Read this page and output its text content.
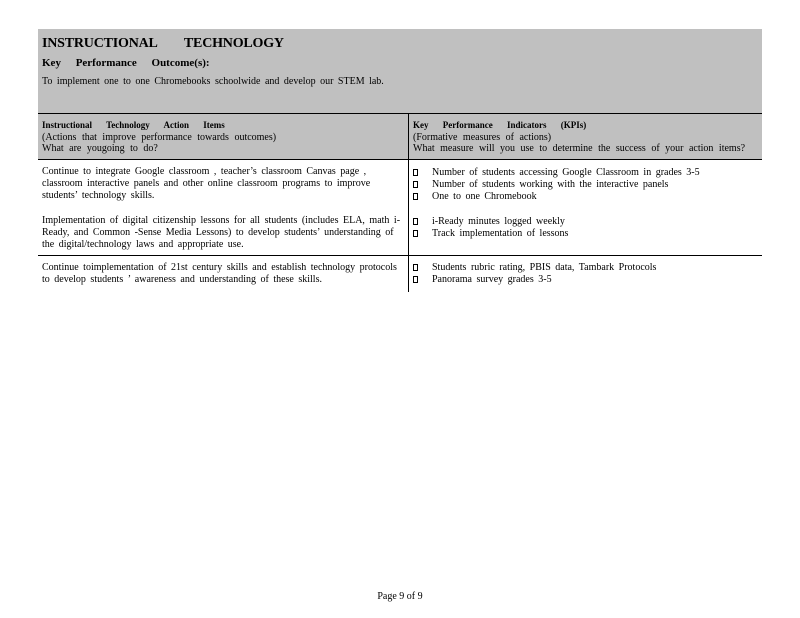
INSTRUCTIONAL TECHNOLOGY
Key Performance Outcome(s):
To implement one to one Chromebooks schoolwide and develop our STEM lab.
Instructional Technology Action Items
(Actions that improve performance towards outcomes)
What are yougoing to do?
Key Performance Indicators (KPIs)
(Formative measures of actions)
What measure will you use to determine the success of your action items?

Continue to integrate Google classroom , teacher’s classroom Canvas page , classroom interactive panels and other online classroom programs to improve students’ technology skills.

Implementation of digital citizenship lessons for all students (includes ELA, math i-Ready, and Common -Sense Media Lessons) to develop students’ understanding of the digital/technology laws and appropriate use.

Number of students accessing Google Classroom in grades 3-5
Number of students working with the interactive panels
One to one Chromebook
i-Ready minutes logged weekly
Track implementation of lessons

Continue toimplementation of 21st century skills and establish technology protocols to develop students ’ awareness and understanding of these skills.

Students rubric rating, PBIS data, Tambark Protocols
Panorama survey grades 3-5
Page 9 of 9
